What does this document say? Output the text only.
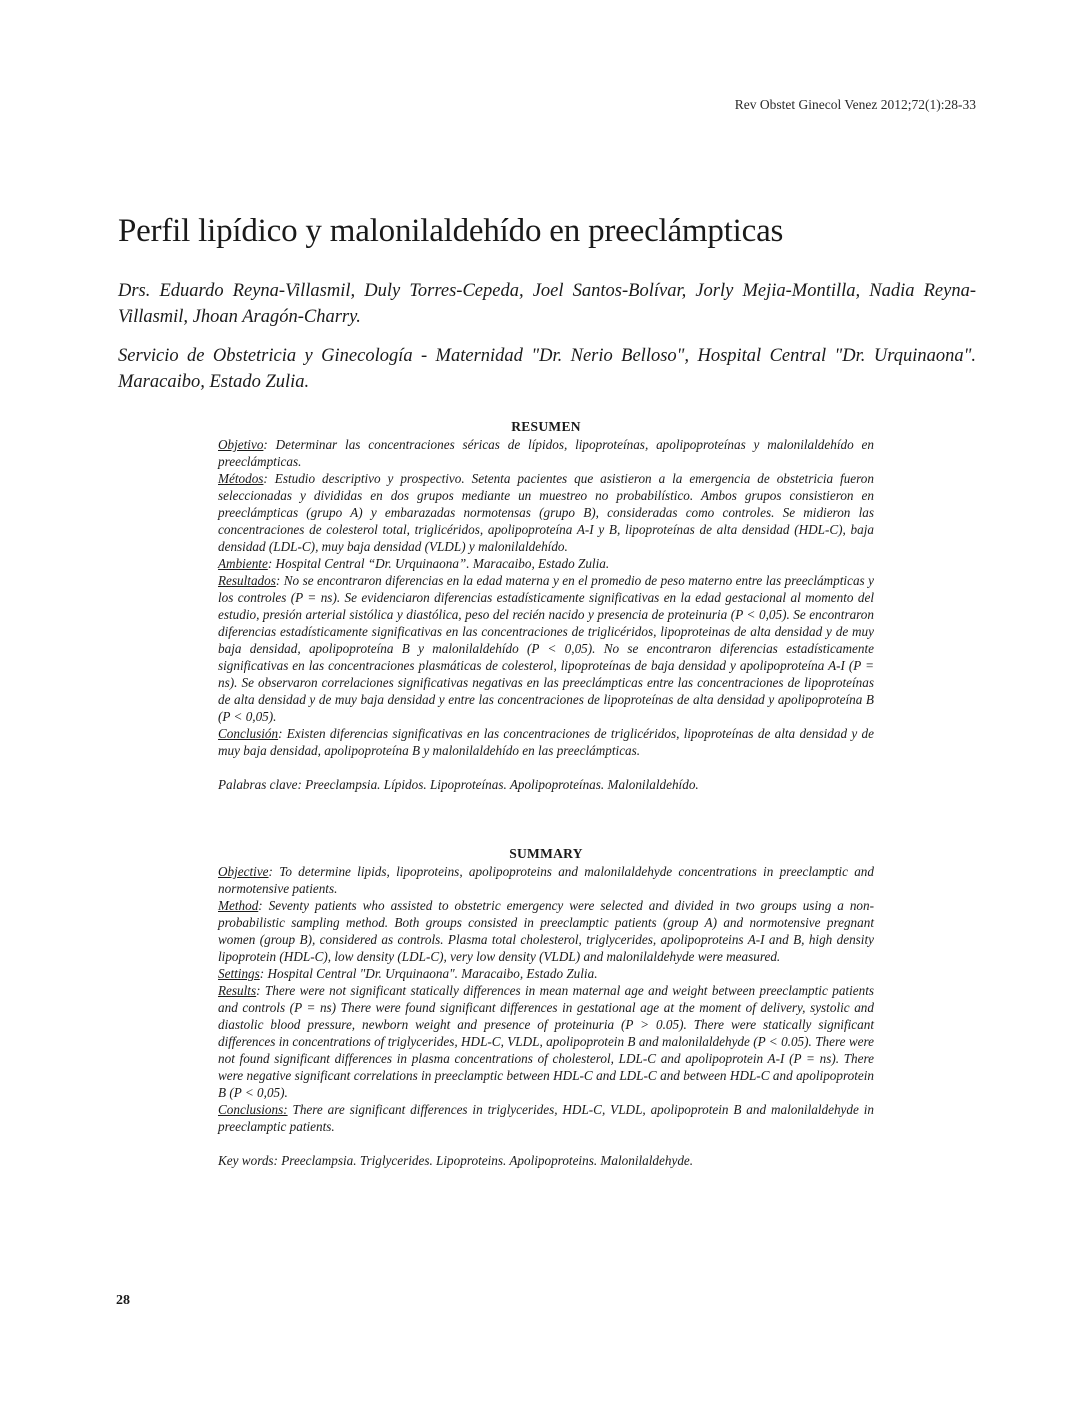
Rev Obstet Ginecol Venez 2012;72(1):28-33
Perfil lipídico y malonilaldehído en preeclámpticas

Drs. Eduardo Reyna-Villasmil, Duly Torres-Cepeda, Joel Santos-Bolívar, Jorly Mejia-Montilla, Nadia Reyna-Villasmil, Jhoan Aragón-Charry.

Servicio de Obstetricia y Ginecología - Maternidad "Dr. Nerio Belloso", Hospital Central "Dr. Urquinaona". Maracaibo, Estado Zulia.

RESUMEN

Objetivo: Determinar las concentraciones séricas de lípidos, lipoproteínas, apolipoproteínas y malonilaldehído en preeclámpticas.

Métodos: Estudio descriptivo y prospectivo. Setenta pacientes que asistieron a la emergencia de obstetricia fueron seleccionadas y divididas en dos grupos mediante un muestreo no probabilístico. Ambos grupos consistieron en preeclámpticas (grupo A) y embarazadas normotensas (grupo B), consideradas como controles. Se midieron las concentraciones de colesterol total, triglicéridos, apolipoproteína A-I y B, lipoproteínas de alta densidad (HDL-C), baja densidad (LDL-C), muy baja densidad (VLDL) y malonilaldehído.

Ambiente: Hospital Central “Dr. Urquinaona”. Maracaibo, Estado Zulia.

Resultados: No se encontraron diferencias en la edad materna y en el promedio de peso materno entre las preeclámpticas y los controles (P = ns). Se evidenciaron diferencias estadísticamente significativas en la edad gestacional al momento del estudio, presión arterial sistólica y diastólica, peso del recién nacido y presencia de proteinuria (P < 0,05). Se encontraron diferencias estadísticamente significativas en las concentraciones de triglicéridos, lipoproteinas de alta densidad y de muy baja densidad, apolipoproteína B y malonilaldehído (P < 0,05). No se encontraron diferencias estadísticamente significativas en las concentraciones plasmáticas de colesterol, lipoproteínas de baja densidad y apolipoproteína A-I (P = ns). Se observaron correlaciones significativas negativas en las preeclámpticas entre las concentraciones de lipoproteínas de alta densidad y de muy baja densidad y entre las concentraciones de lipoproteínas de alta densidad y apolipoproteína B (P < 0,05).

Conclusión: Existen diferencias significativas en las concentraciones de triglicéridos, lipoproteínas de alta densidad y de muy baja densidad, apolipoproteína B y malonilaldehído en las preeclámpticas.

Palabras clave: Preeclampsia. Lípidos. Lipoproteínas. Apolipoproteínas. Malonilaldehído.

SUMMARY

Objective: To determine lipids, lipoproteins, apolipoproteins and malonilaldehyde concentrations in preeclamptic and normotensive patients.

Method: Seventy patients who assisted to obstetric emergency were selected and divided in two groups using a non-probabilistic sampling method. Both groups consisted in preeclamptic patients (group A) and normotensive pregnant women (group B), considered as controls. Plasma total cholesterol, triglycerides, apolipoproteins A-I and B, high density lipoprotein (HDL-C), low density (LDL-C), very low density (VLDL) and malonilaldehyde were measured.

Settings: Hospital Central "Dr. Urquinaona". Maracaibo, Estado Zulia.

Results: There were not significant statically differences in mean maternal age and weight between preeclamptic patients and controls (P = ns) There were found significant differences in gestational age at the moment of delivery, systolic and diastolic blood pressure, newborn weight and presence of proteinuria (P > 0.05). There were statically significant differences in concentrations of triglycerides, HDL-C, VLDL, apolipoprotein B and malonilaldehyde (P < 0.05). There were not found significant differences in plasma concentrations of cholesterol, LDL-C and apolipoprotein A-I (P = ns). There were negative significant correlations in preeclamptic between HDL-C and LDL-C and between HDL-C and apolipoprotein B (P < 0,05).

Conclusions: There are significant differences in triglycerides, HDL-C, VLDL, apolipoprotein B and malonilaldehyde in preeclamptic patients.

Key words: Preeclampsia. Triglycerides. Lipoproteins. Apolipoproteins. Malonilaldehyde.

28
